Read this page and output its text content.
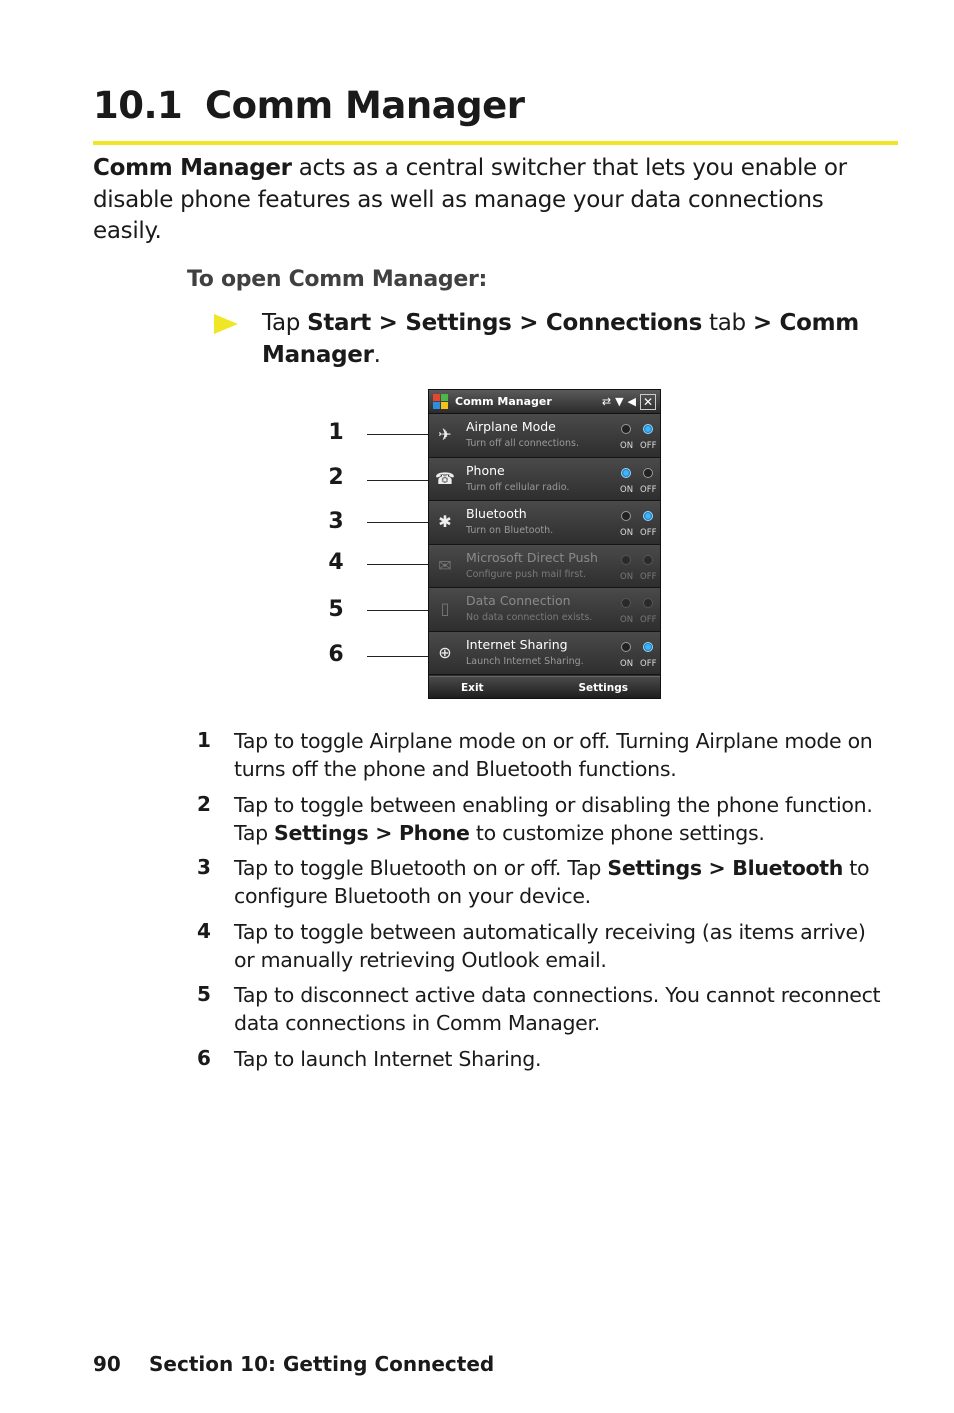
10.1 Comm Manager

Comm Manager acts as a central switcher that lets you enable or disable phone features as well as manage your data connections easily.

To open Comm Manager:

Tap Start > Settings > Connections tab > Comm Manager.

1
2
3
4
5
6
Comm Manager	⇄ ▼ ◀ ✕
✈ Airplane Mode
Turn off all connections.	ON OFF
☎ Phone
Turn off cellular radio.	ON OFF
✱ Bluetooth
Turn on Bluetooth.	ON OFF
✉ Microsoft Direct Push
Configure push mail first.	ON OFF
▯	Data Connection
No data connection exists.	ON OFF
⊕ Internet Sharing
Launch Internet Sharing.	ON OFF
Exit	Settings
1 Tap to toggle Airplane mode on or off. Turning Airplane mode on turns off the phone and Bluetooth functions.
2 Tap to toggle between enabling or disabling the phone function. Tap Settings > Phone to customize phone settings.
3 Tap to toggle Bluetooth on or off. Tap Settings > Bluetooth to configure Bluetooth on your device.
4 Tap to toggle between automatically receiving (as items arrive) or manually retrieving Outlook email.
5 Tap to disconnect active data connections. You cannot reconnect data connections in Comm Manager.
6 Tap to launch Internet Sharing.
90 Section 10: Getting Connected
